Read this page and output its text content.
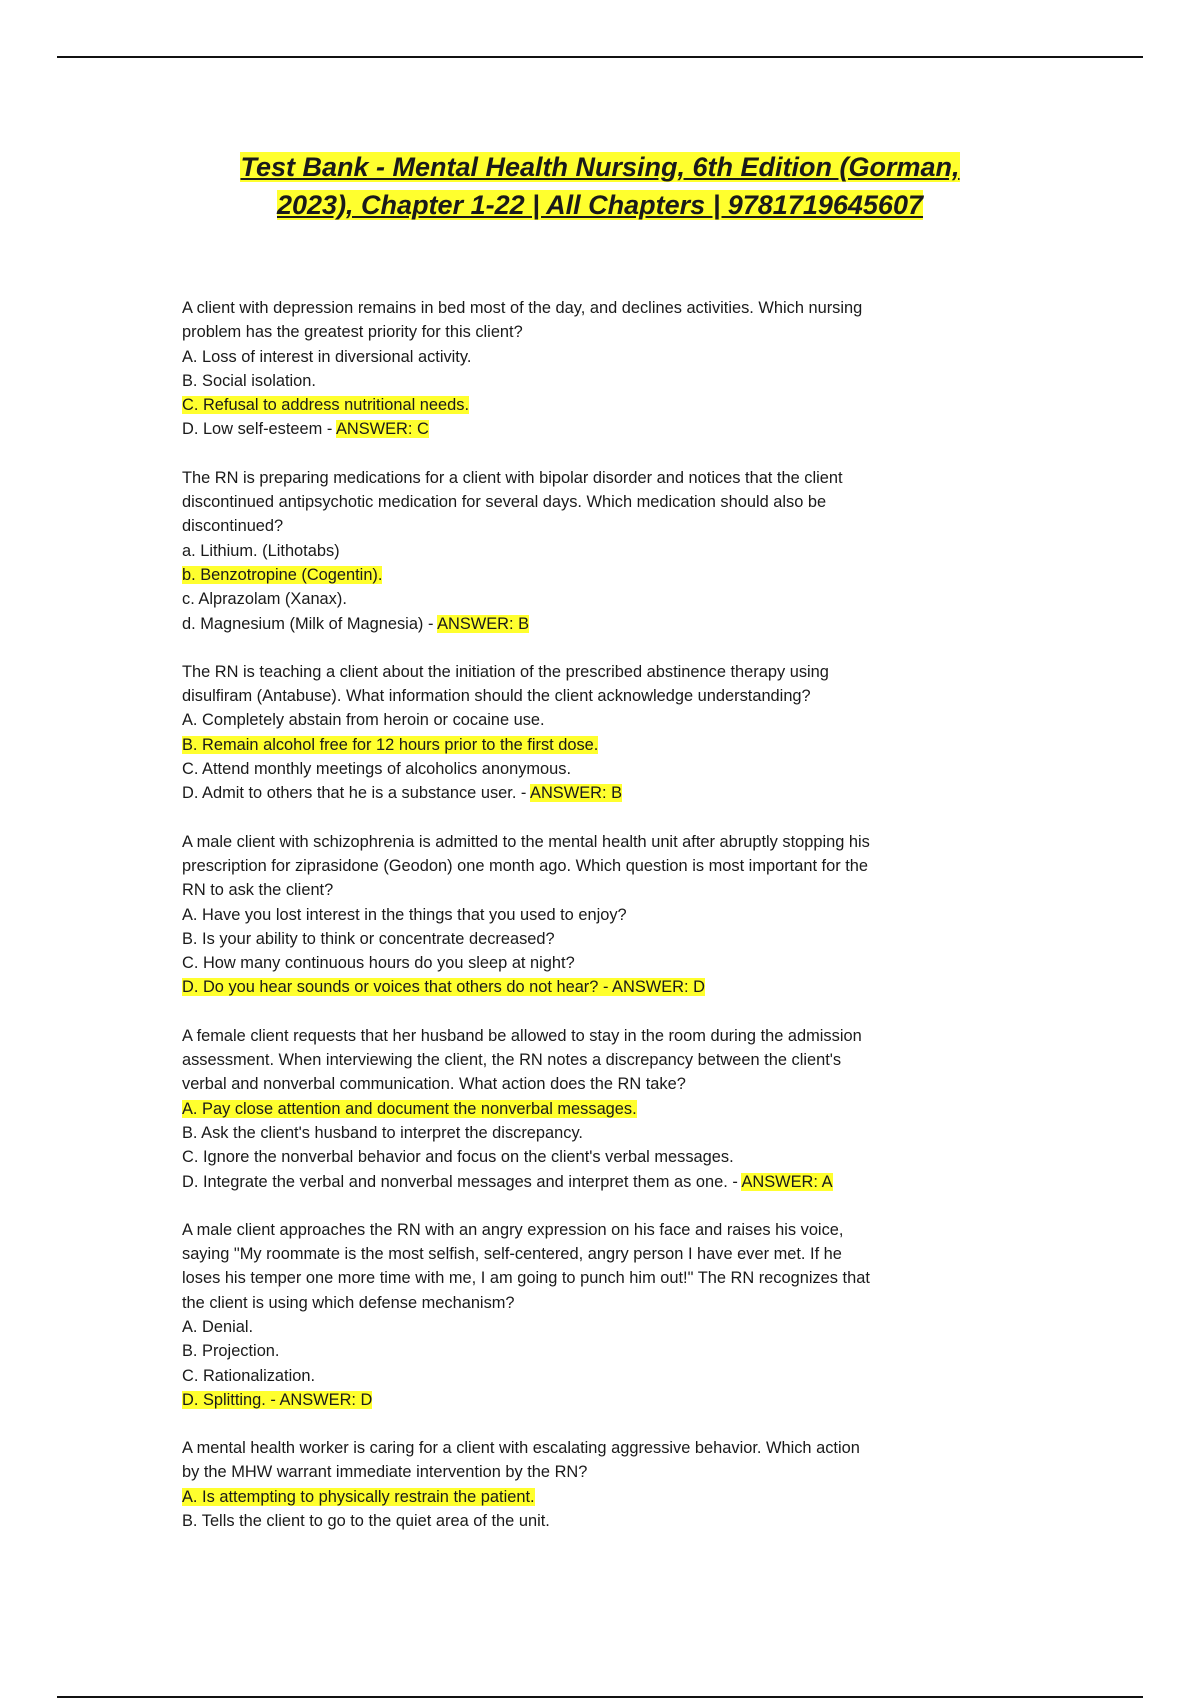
Test Bank - Mental Health Nursing, 6th Edition (Gorman,
2023), Chapter 1-22 | All Chapters | 9781719645607
A client with depression remains in bed most of the day, and declines activities. Which nursing
problem has the greatest priority for this client?
A. Loss of interest in diversional activity.
B. Social isolation.
C. Refusal to address nutritional needs.
D. Low self-esteem - ANSWER: C
The RN is preparing medications for a client with bipolar disorder and notices that the client
discontinued antipsychotic medication for several days. Which medication should also be
discontinued?
a. Lithium. (Lithotabs)
b. Benzotropine (Cogentin).
c. Alprazolam (Xanax).
d. Magnesium (Milk of Magnesia) - ANSWER: B
The RN is teaching a client about the initiation of the prescribed abstinence therapy using
disulfiram (Antabuse). What information should the client acknowledge understanding?
A. Completely abstain from heroin or cocaine use.
B. Remain alcohol free for 12 hours prior to the first dose.
C. Attend monthly meetings of alcoholics anonymous.
D. Admit to others that he is a substance user. - ANSWER: B
A male client with schizophrenia is admitted to the mental health unit after abruptly stopping his
prescription for ziprasidone (Geodon) one month ago. Which question is most important for the
RN to ask the client?
A. Have you lost interest in the things that you used to enjoy?
B. Is your ability to think or concentrate decreased?
C. How many continuous hours do you sleep at night?
D. Do you hear sounds or voices that others do not hear? - ANSWER: D
A female client requests that her husband be allowed to stay in the room during the admission
assessment. When interviewing the client, the RN notes a discrepancy between the client's
verbal and nonverbal communication. What action does the RN take?
A. Pay close attention and document the nonverbal messages.
B. Ask the client's husband to interpret the discrepancy.
C. Ignore the nonverbal behavior and focus on the client's verbal messages.
D. Integrate the verbal and nonverbal messages and interpret them as one. - ANSWER: A
A male client approaches the RN with an angry expression on his face and raises his voice,
saying "My roommate is the most selfish, self-centered, angry person I have ever met. If he
loses his temper one more time with me, I am going to punch him out!" The RN recognizes that
the client is using which defense mechanism?
A. Denial.
B. Projection.
C. Rationalization.
D. Splitting. - ANSWER: D
A mental health worker is caring for a client with escalating aggressive behavior. Which action
by the MHW warrant immediate intervention by the RN?
A. Is attempting to physically restrain the patient.
B. Tells the client to go to the quiet area of the unit.
